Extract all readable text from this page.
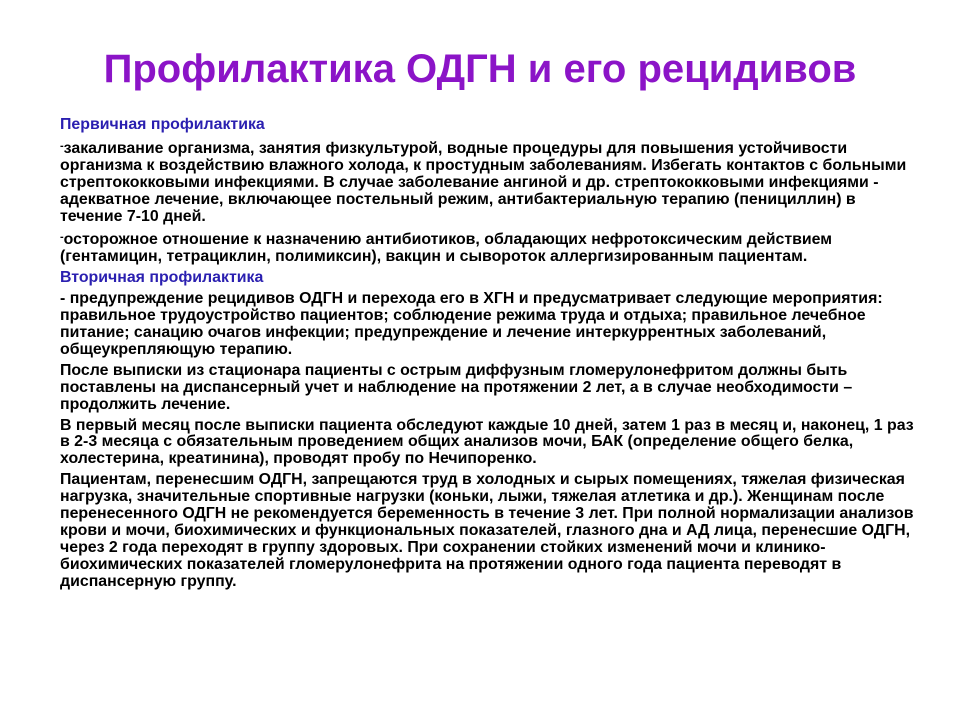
Профилактика ОДГН и его рецидивов
Первичная профилактика
-закаливание организма, занятия физкультурой, водные процедуры для повышения устойчивости организма к воздействию влажного холода, к простудным заболеваниям. Избегать контактов с больными стрептококковыми инфекциями. В случае заболевание ангиной и др. стрептококковыми инфекциями - адекватное лечение, включающее постельный режим, антибактериальную терапию (пенициллин) в течение 7-10 дней.
-осторожное отношение к назначению антибиотиков, обладающих нефротоксическим действием (гентамицин, тетрациклин, полимиксин), вакцин и сывороток аллергизированным пациентам.
Вторичная профилактика
- предупреждение рецидивов ОДГН и перехода его в ХГН и предусматривает следующие мероприятия: правильное трудоустройство пациентов; соблюдение режима труда и отдыха; правильное лечебное питание; санацию очагов инфекции; предупреждение и лечение интеркуррентных заболеваний, общеукрепляющую терапию.
После выписки из стационара пациенты с острым диффузным гломерулонефритом должны быть поставлены на диспансерный учет и наблюдение на протяжении 2 лет, а в случае необходимости – продолжить лечение.
В первый месяц после выписки пациента обследуют каждые 10 дней, затем 1 раз в месяц и, наконец, 1 раз в 2-3 месяца с обязательным проведением общих анализов мочи, БАК (определение общего белка, холестерина, креатинина), проводят пробу по Нечипоренко.
Пациентам, перенесшим ОДГН, запрещаются труд в холодных и сырых помещениях, тяжелая физическая нагрузка, значительные спортивные нагрузки (коньки, лыжи, тяжелая атлетика и др.). Женщинам после перенесенного ОДГН не рекомендуется беременность в течение 3 лет. При полной нормализации анализов крови и мочи, биохимических и функциональных показателей, глазного дна и АД лица, перенесшие ОДГН, через 2 года переходят в группу здоровых. При сохранении стойких изменений мочи и клинико-биохимических показателей гломерулонефрита на протяжении одного года пациента переводят в диспансерную группу.
